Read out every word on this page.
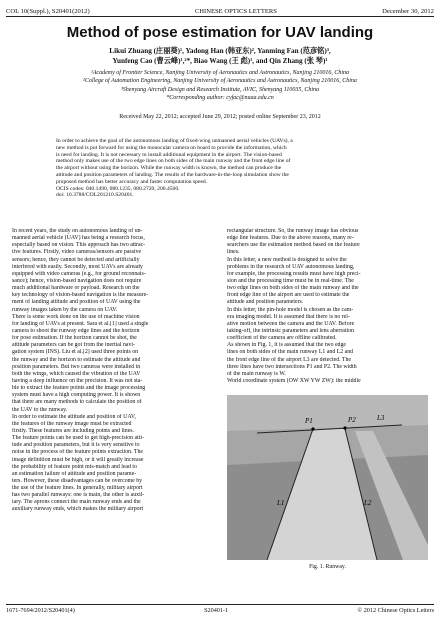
COL 10(Suppl.), S20401(2012)	CHINESE OPTICS LETTERS	December 30, 2012
Method of pose estimation for UAV landing
Likui Zhuang (庄丽葵)¹, Yadong Han (韩亚东)², Yanming Fan (范彦铭)³,
Yunfeng Cao (曹云峰)¹,²*, Biao Wang (王 彪)¹, and Qin Zhang (张 琴)¹
¹Academy of Frontier Science, Nanjing University of Aeronautics and Astronautics, Nanjing 210016, China
²College of Automation Engineering, Nanjing University of Aeronautics and Astronautics, Nanjing 210016, China
³Shenyang Aircraft Design and Research Institute, AVIC, Shenyang 110035, China
*Corresponding author: cyfac@nuaa.edu.cn
Received May 22, 2012; accepted June 29, 2012; posted online September 23, 2012
In order to achieve the goal of the autonomous landing of fixed-wing unmanned aerial vehicles (UAVs), a
new method is put forward for using the monocular camera on board to provide the information, which
is need for landing. It is not necessary to install additional equipment in the airport. The vision-based
method only makes use of the two edge lines on both sides of the main runway and the front edge line of
the airport without using the horizon. While the runway width is known, the method can produce the
attitude and position parameters of landing. The results of the hardware-in-the-loop simulation show the
proposed method has better accuracy and faster computation speed.
OCIS codes: 040.1490, 080.1235, 080.2720, 200.4560.
doi: 10.3788/COL201210.S20401.
In recent years, the study on autonomous landing of un-
manned aerial vehicle (UAV) has being a research focus,
especially based on vision. This approach has two attrac-
tive features. Firstly, video cameras/sensors are passive
sensors; hence, they cannot be detected and artificially
interfered with easily. Secondly, most UAVs are already
equipped with video cameras (e.g., for ground reconnais-
sance); hence, vision-based navigation does not require
much additional hardware or payload. Research on the
key technology of vision-based navigation is the measure-
ment of landing attitude and position of UAV using the
runway images taken by the camera on UAV.
There is some work done on the use of machine vision
for landing of UAVs at present. Sara et al.[1] used a single
camera to shoot the runway edge lines and the horizon
for pose estimation. If the horizon cannot be shot, the
attitude parameters can be got from the inertial navi-
gation system (INS). Liu et al.[2] used three points on
the runway and the horizon to estimate the attitude and
position parameters. But two cameras were installed in
both the wings, which caused the vibration of the UAV
having a deep influence on the precision. It was not sta-
ble to extract the feature points and the image processing
system must have a high computing power. It is shown
that there are many methods to calculate the position of
the UAV to the runway.
In order to estimate the attitude and position of UAV,
the features of the runway image must be extracted
firstly. These features are including points and lines.
The feature points can be used to get high-precision atti-
tude and position parameters, but it is very sensitive to
noise in the process of the feature points extraction. The
image definition must be high, or it will greatly increase
the probability of feature point mis-match and lead to
an estimation failure of attitude and position parame-
ters. However, these disadvantages can be overcome by
the use of the feature lines. In generally, military airport
has two parallel runways: one is main, the other is auxil-
iary. The aprons connect the main runway ends and the
auxiliary runway ends, which makes the military airport
rectangular structure. So, the runway image has obvious
edge line features. Due to the above reasons, many re-
searchers use the estimation method based on the feature
lines.
In this letter, a new method is designed to solve the
problems in the research of UAV autonomous landing,
for example, the processing results must have high preci-
sion and the processing time must be in real-time. The
two edge lines on both sides of the main runway and the
front edge line of the airport are used to estimate the
attitude and position parameters.
In this letter, the pin-hole model is chosen as the cam-
era imaging model. It is assumed that there is no rel-
ative motion between the camera and the UAV. Before
taking-off, the intrinsic parameters and lens aberration
coefficient of the camera are offline calibrated.
As shown in Fig. 1, it is assumed that the two edge
lines on both sides of the main runway L1 and L2 and
the front edge line of the airport L3 are detected. The
three lines have two intersections P1 and P2. The width
of the main runway is W.
World coordinate system (OW XW YW ZW): the middle
P1	P2
L1	L2
L3
Fig. 1. Runway.
1671-7694/2012/S20401(4)	S20401-1	© 2012 Chinese Optics Letters
